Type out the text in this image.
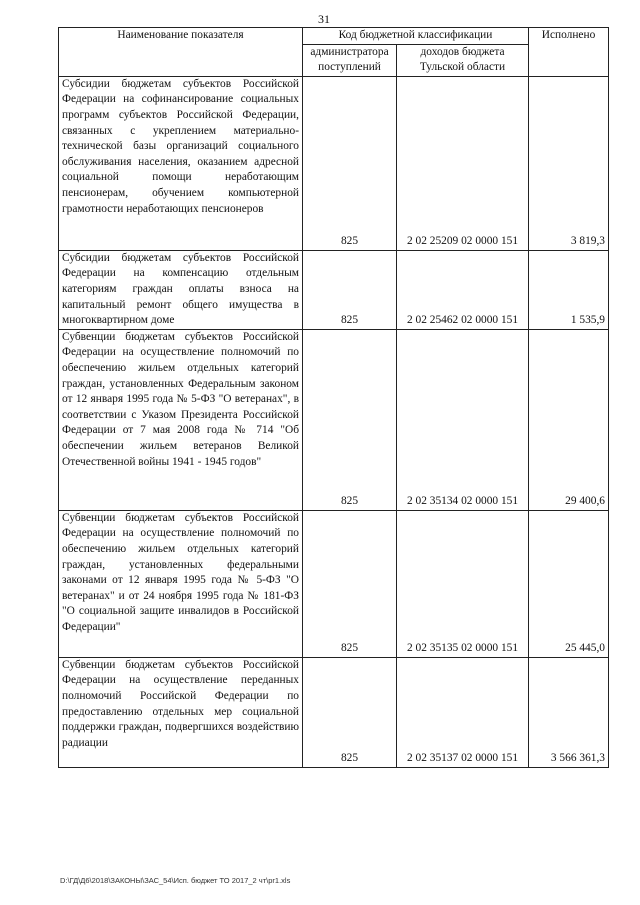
31
Наименование показателя	Код бюджетной классификации		Исполнено
	администратора поступлений	доходов бюджета Тульской области	
Субсидии бюджетам субъектов Российской Федерации на софинансирование социальных программ субъектов Российской Федерации, связанных с укреплением материально-технической базы организаций социального обслуживания населения, оказанием адресной социальной помощи неработающим пенсионерам, обучением компьютерной грамотности неработающих пенсионеров	825	2 02 25209 02 0000 151	3 819,3
Субсидии бюджетам субъектов Российской Федерации на компенсацию отдельным категориям граждан оплаты взноса на капитальный ремонт общего имущества в многоквартирном доме	825	2 02 25462 02 0000 151	1 535,9
Субвенции бюджетам субъектов Российской Федерации на осуществление полномочий по обеспечению жильем отдельных категорий граждан, установленных Федеральным законом от 12 января 1995 года № 5-ФЗ "О ветеранах", в соответствии с Указом Президента Российской Федерации от 7 мая 2008 года № 714 "Об обеспечении жильем ветеранов Великой Отечественной войны 1941 - 1945 годов"	825	2 02 35134 02 0000 151	29 400,6
Субвенции бюджетам субъектов Российской Федерации на осуществление полномочий по обеспечению жильем отдельных категорий граждан, установленных федеральными законами от 12 января 1995 года № 5-ФЗ "О ветеранах" и от 24 ноября 1995 года № 181-ФЗ "О социальной защите инвалидов в Российской Федерации"	825	2 02 35135 02 0000 151	25 445,0
Субвенции бюджетам субъектов Российской Федерации на осуществление переданных полномочий Российской Федерации по предоставлению отдельных мер социальной поддержки граждан, подвергшихся воздействию радиации	825	2 02 35137 02 0000 151	3 566 361,3
D:\ГД\Д6\2018\ЗАКОНЫ\ЗАС_54\Исп. бюджет ТО 2017_2 чт\pr1.xls
